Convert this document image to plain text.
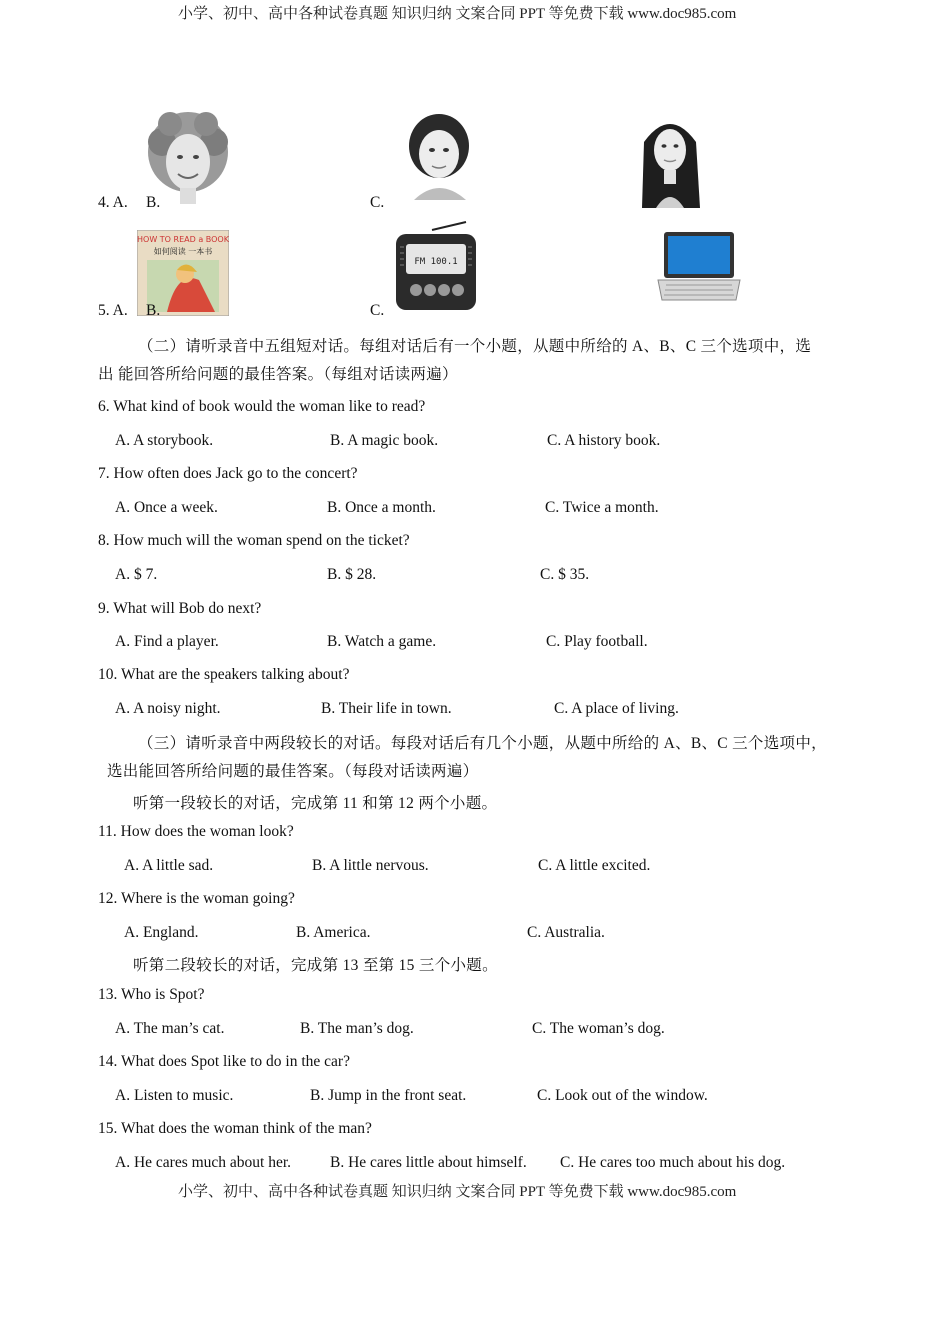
小学、初中、高中各种试卷真题 知识归纳 文案合同 PPT 等免费下载 www.doc985.com
4. A. B.	C.
HOW TO READ a BOOK
如何阅读 一本书
FM 100.1
5. A. B.	C.
（二）请听录音中五组短对话。每组对话后有一个小题，从题中所给的 A、B、C 三个选项中，选
出 能回答所给问题的最佳答案。（每组对话读两遍）
6. What kind of book would the woman like to read?
A. A storybook.	B. A magic book.	C. A history book.
7. How often does Jack go to the concert?
A. Once a week.	B. Once a month.	C. Twice a month.
8. How much will the woman spend on the ticket?
A. $ 7.	B. $ 28.	C. $ 35.
9. What will Bob do next?
A. Find a player.	B. Watch a game.	C. Play football.
10. What are the speakers talking about?
A. A noisy night.	B. Their life in town.	C. A place of living.
（三）请听录音中两段较长的对话。每段对话后有几个小题，从题中所给的 A、B、C 三个选项中，
选出能回答所给问题的最佳答案。（每段对话读两遍）
听第一段较长的对话，完成第 11 和第 12 两个小题。
11. How does the woman look?
A. A little sad.	B. A little nervous.	C. A little excited.
12. Where is the woman going?
A. England.	B. America.	C. Australia.
听第二段较长的对话，完成第 13 至第 15 三个小题。
13. Who is Spot?
A. The man’s cat.	B. The man’s dog.	C. The woman’s dog.
14. What does Spot like to do in the car?
A. Listen to music.	B. Jump in the front seat.	C. Look out of the window.
15. What does the woman think of the man?
A. He cares much about her.	B. He cares little about himself. C. He cares too much about his dog.
小学、初中、高中各种试卷真题 知识归纳 文案合同 PPT 等免费下载 www.doc985.com
